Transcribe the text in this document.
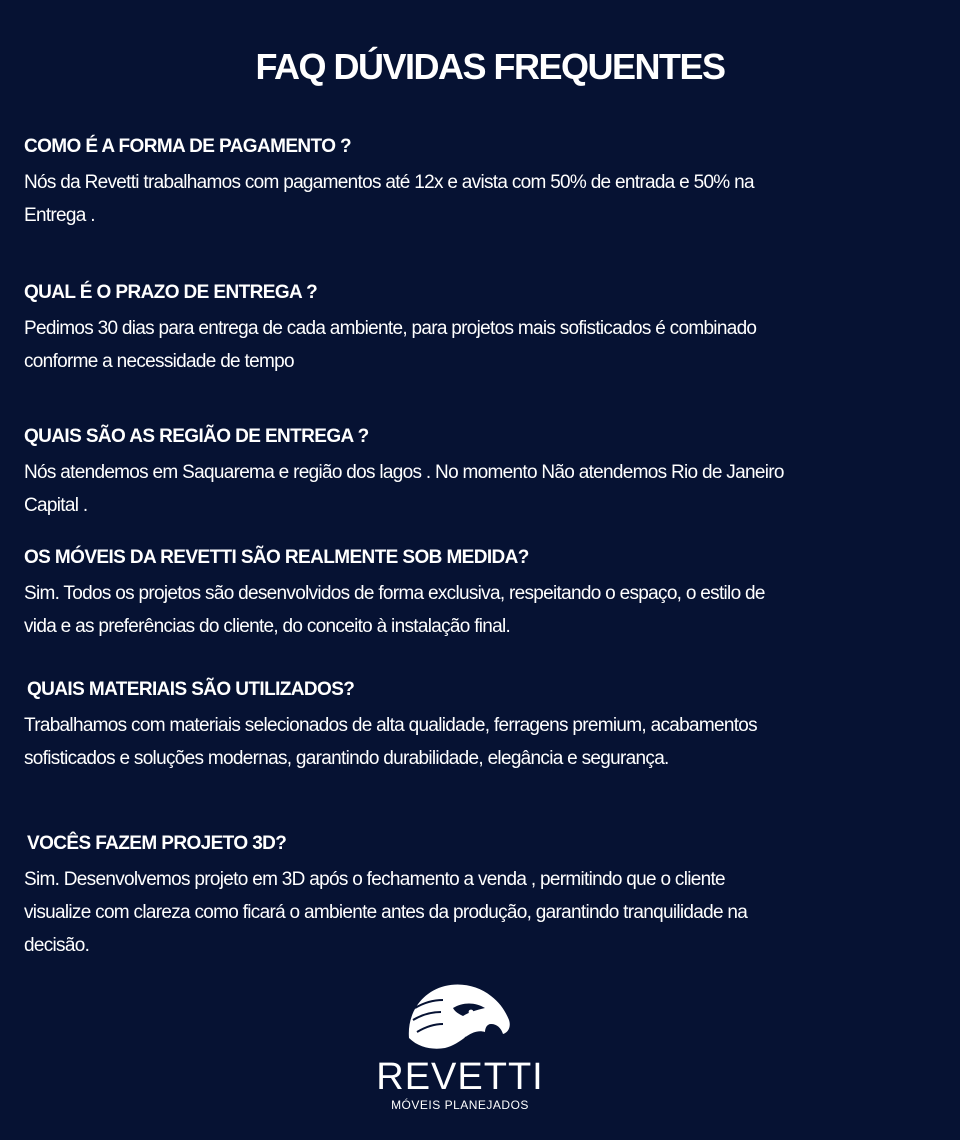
FAQ DÚVIDAS FREQUENTES

COMO É A FORMA DE PAGAMENTO ?

Nós da Revetti trabalhamos com pagamentos até 12x e avista com 50% de entrada e 50% na Entrega .

QUAL É O PRAZO DE ENTREGA ?

Pedimos 30 dias para entrega de cada ambiente, para projetos mais sofisticados é combinado conforme a necessidade de tempo

QUAIS SÃO AS REGIÃO DE ENTREGA ?

Nós atendemos em Saquarema e região dos lagos . No momento Não atendemos Rio de Janeiro Capital .

OS MÓVEIS DA REVETTI SÃO REALMENTE SOB MEDIDA?

Sim. Todos os projetos são desenvolvidos de forma exclusiva, respeitando o espaço, o estilo de vida e as preferências do cliente, do conceito à instalação final.

QUAIS MATERIAIS SÃO UTILIZADOS?

Trabalhamos com materiais selecionados de alta qualidade, ferragens premium, acabamentos sofisticados e soluções modernas, garantindo durabilidade, elegância e segurança.

VOCÊS FAZEM PROJETO 3D?

Sim. Desenvolvemos projeto em 3D após o fechamento a venda , permitindo que o cliente visualize com clareza como ficará o ambiente antes da produção, garantindo tranquilidade na decisão.

REVETTI
MÓVEIS PLANEJADOS
